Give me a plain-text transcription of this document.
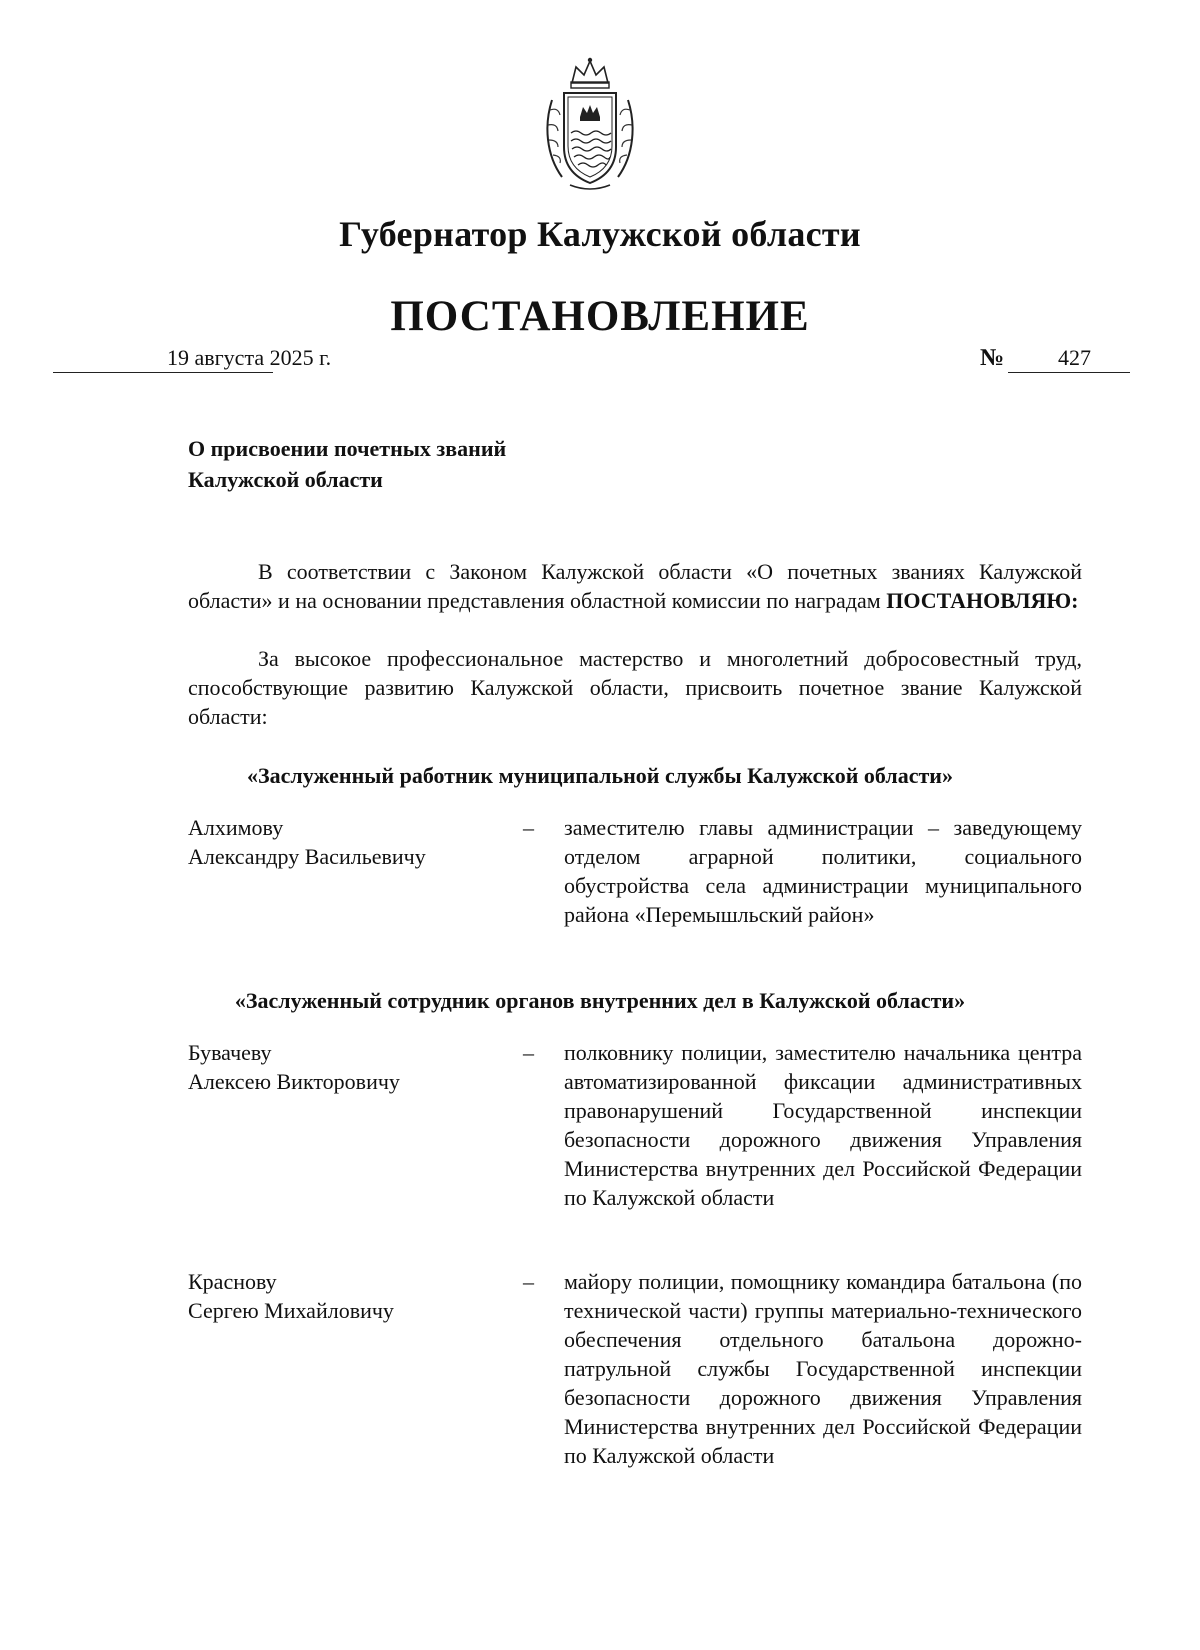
Губернатор Калужской области
ПОСТАНОВЛЕНИЕ
19 августа 2025 г.	№ 427
О присвоении почетных званий
Калужской области
В соответствии с Законом Калужской области «О почетных званиях Калужской области» и на основании представления областной комиссии по наградам ПОСТАНОВЛЯЮ:
За высокое профессиональное мастерство и многолетний добросовестный труд, способствующие развитию Калужской области, присвоить почетное звание Калужской области:
«Заслуженный работник муниципальной службы Калужской области»
Алхимову
Александру Васильевичу
–	заместителю главы администрации – заведующему отделом аграрной политики, социального обустройства села администрации муниципального района «Перемышльский район»
«Заслуженный сотрудник органов внутренних дел в Калужской области»
Бувачеву
Алексею Викторовичу
–	полковнику полиции, заместителю начальника центра автоматизированной фиксации административных правонарушений Государственной инспекции безопасности дорожного движения Управления Министерства внутренних дел Российской Федерации по Калужской области
Краснову
Сергею Михайловичу
–	майору полиции, помощнику командира батальона (по технической части) группы материально-технического обеспечения отдельного батальона дорожно-патрульной службы Государственной инспекции безопасности дорожного движения Управления Министерства внутренних дел Российской Федерации по Калужской области
